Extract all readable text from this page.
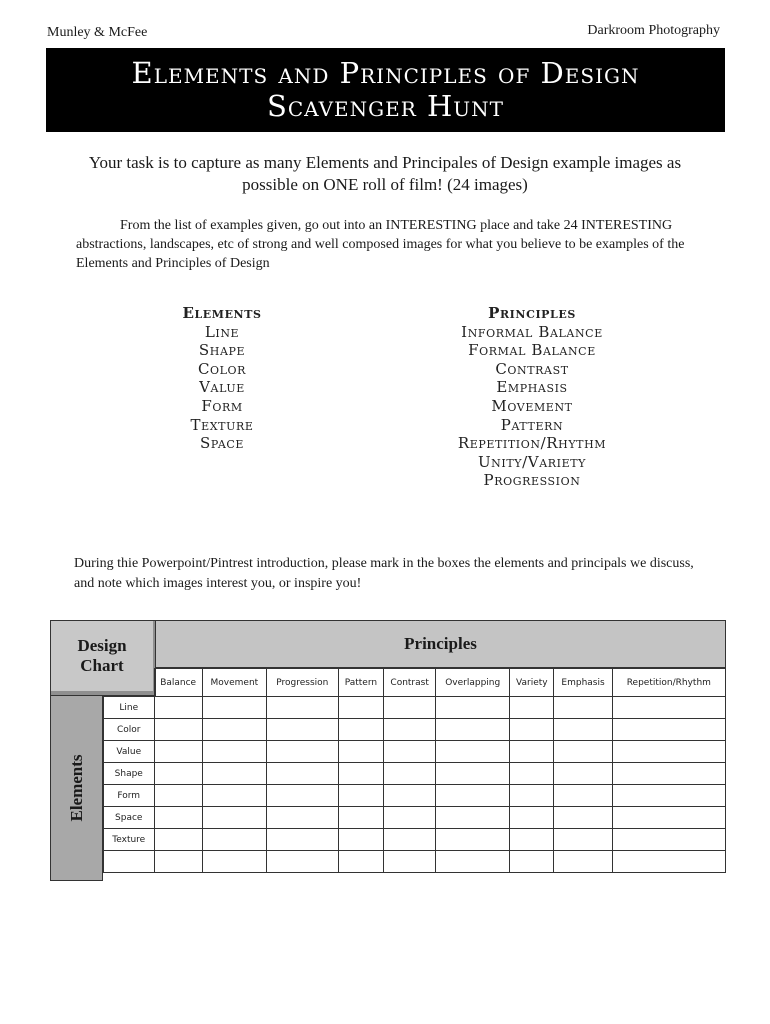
Munley & McFee	Darkroom Photography
Elements and Principles of Design
Scavenger Hunt
Your task is to capture as many Elements and Principales of Design example images as possible on ONE roll of film! (24 images)
From the list of examples given, go out into an INTERESTING place and take 24 INTERESTING abstractions, landscapes, etc of strong and well composed images for what you believe to be examples of the Elements and Principles of Design
Elements
Line
Shape
Color
Value
Form
Texture
Space
Principles
Informal Balance
Formal Balance
Contrast
Emphasis
Movement
Pattern
Repetition/Rhythm
Unity/Variety
Progression
During thie Powerpoint/Pintrest introduction, please mark in the boxes the elements and principals we discuss, and note which images interest you, or inspire you!
Design
Chart
Principles
Elements
	Balance	Movement	Progression	Pattern	Contrast	Overlapping	Variety	Emphasis	Repetition/Rhythm
Line									
Color									
Value									
Shape									
Form									
Space									
Texture									
